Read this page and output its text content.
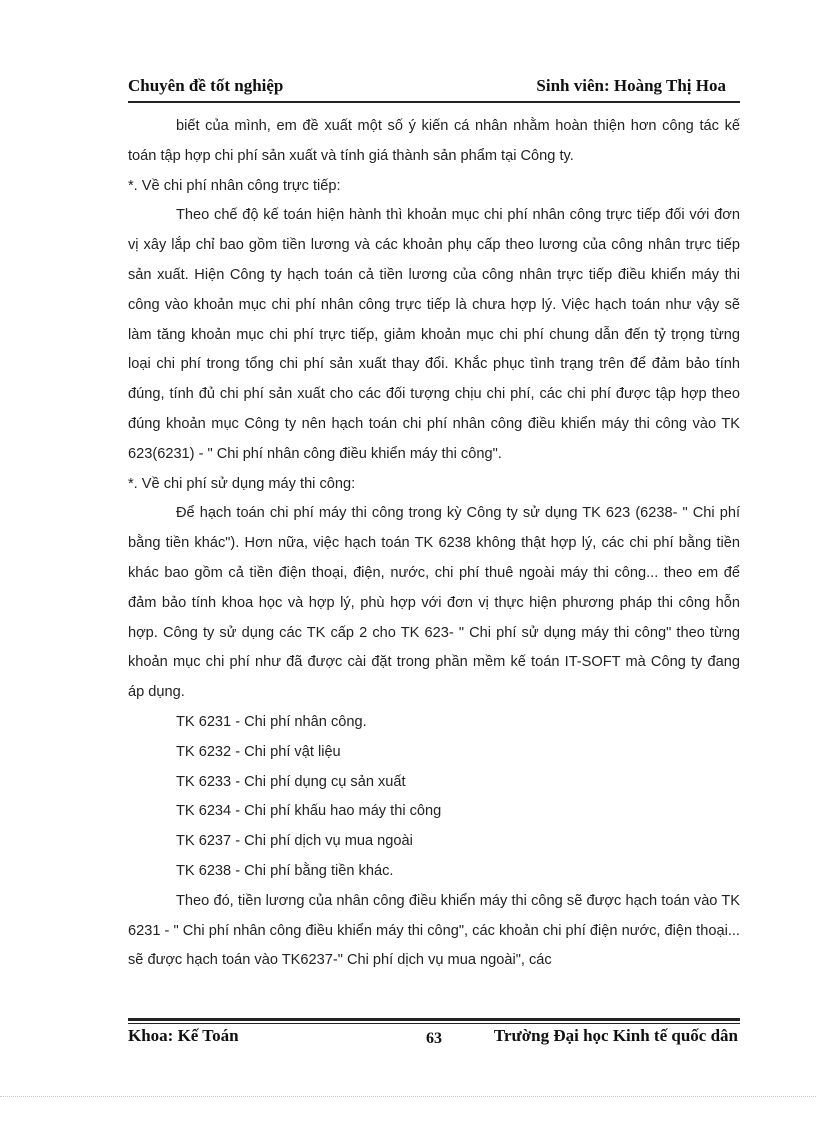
Chuyên đề tốt nghiệp	Sinh viên: Hoàng Thị Hoa

biết của mình, em đề xuất một số ý kiến cá nhân nhằm hoàn thiện hơn công tác kế toán tập hợp chi phí sản xuất và tính giá thành sản phẩm tại Công ty.

*. Về chi phí nhân công trực tiếp:

Theo chế độ kế toán hiện hành thì khoản mục chi phí nhân công trực tiếp đối với đơn vị xây lắp chỉ bao gồm tiền lương và các khoản phụ cấp theo lương của công nhân trực tiếp sản xuất. Hiện Công ty hạch toán cả tiền lương của công nhân trực tiếp điều khiển máy thi công vào khoản mục chi phí nhân công trực tiếp là chưa hợp lý. Việc hạch toán như vậy sẽ làm tăng khoản mục chi phí trực tiếp, giảm khoản mục chi phí chung dẫn đến tỷ trọng từng loại chi phí trong tổng chi phí sản xuất thay đổi. Khắc phục tình trạng trên để đảm bảo tính đúng, tính đủ chi phí sản xuất cho các đối tượng chịu chi phí, các chi phí được tập hợp theo đúng khoản mục Công ty nên hạch toán chi phí nhân công điều khiển máy thi công vào TK 623(6231) - " Chi phí nhân công điều khiển máy thi công".

*. Về chi phí sử dụng máy thi công:

Để hạch toán chi phí máy thi công trong kỳ Công ty sử dụng TK 623 (6238- " Chi phí bằng tiền khác"). Hơn nữa, việc hạch toán TK 6238 không thật hợp lý, các chi phí bằng tiền khác bao gồm cả tiền điện thoại, điện, nước, chi phí thuê ngoài máy thi công... theo em để đảm bảo tính khoa học và hợp lý, phù hợp với đơn vị thực hiện phương pháp thi công hỗn hợp. Công ty sử dụng các TK cấp 2 cho TK 623- " Chi phí sử dụng máy thi công" theo từng khoản mục chi phí như đã được cài đặt trong phần mềm kế toán IT-SOFT mà Công ty đang áp dụng.

TK 6231 - Chi phí nhân công.

TK 6232 - Chi phí vật liệu

TK 6233 - Chi phí dụng cụ sản xuất

TK 6234 - Chi phí khấu hao máy thi công

TK 6237 - Chi phí dịch vụ mua ngoài

TK 6238 - Chi phí bằng tiền khác.

Theo đó, tiền lương của nhân công điều khiển máy thi công sẽ được hạch toán vào TK 6231 - " Chi phí nhân công điều khiển máy thi công", các khoản chi phí điện nước, điện thoại... sẽ được hạch toán vào TK6237-" Chi phí dịch vụ mua ngoài", các

Khoa: Kế Toán	63	Trường Đại học Kinh tế quốc dân
